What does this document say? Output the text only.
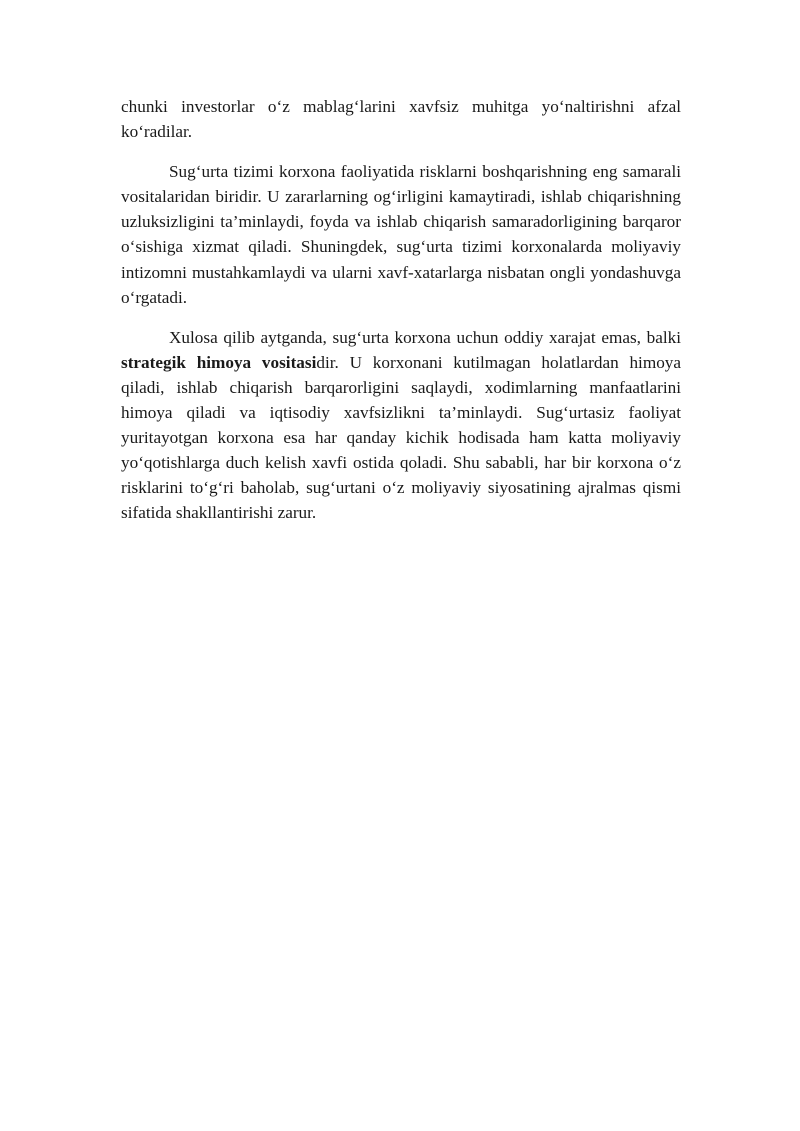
chunki investorlar o‘z mablag‘larini xavfsiz muhitga yo‘naltirishni afzal ko‘radilar.

Sug‘urta tizimi korxona faoliyatida risklarni boshqarishning eng samarali vositalaridan biridir. U zararlarning og‘irligini kamaytiradi, ishlab chiqarishning uzluksizligini ta’minlaydi, foyda va ishlab chiqarish samaradorligining barqaror o‘sishiga xizmat qiladi. Shuningdek, sug‘urta tizimi korxonalarda moliyaviy intizomni mustahkamlaydi va ularni xavf-xatarlarga nisbatan ongli yondashuvga o‘rgatadi.

Xulosa qilib aytganda, sug‘urta korxona uchun oddiy xarajat emas, balki strategik himoya vositasidir. U korxonani kutilmagan holatlardan himoya qiladi, ishlab chiqarish barqarorligini saqlaydi, xodimlarning manfaatlarini himoya qiladi va iqtisodiy xavfsizlikni ta’minlaydi. Sug‘urtasiz faoliyat yuritayotgan korxona esa har qanday kichik hodisada ham katta moliyaviy yo‘qotishlarga duch kelish xavfi ostida qoladi. Shu sababli, har bir korxona o‘z risklarini to‘g‘ri baholab, sug‘urtani o‘z moliyaviy siyosatining ajralmas qismi sifatida shakllantirishi zarur.
